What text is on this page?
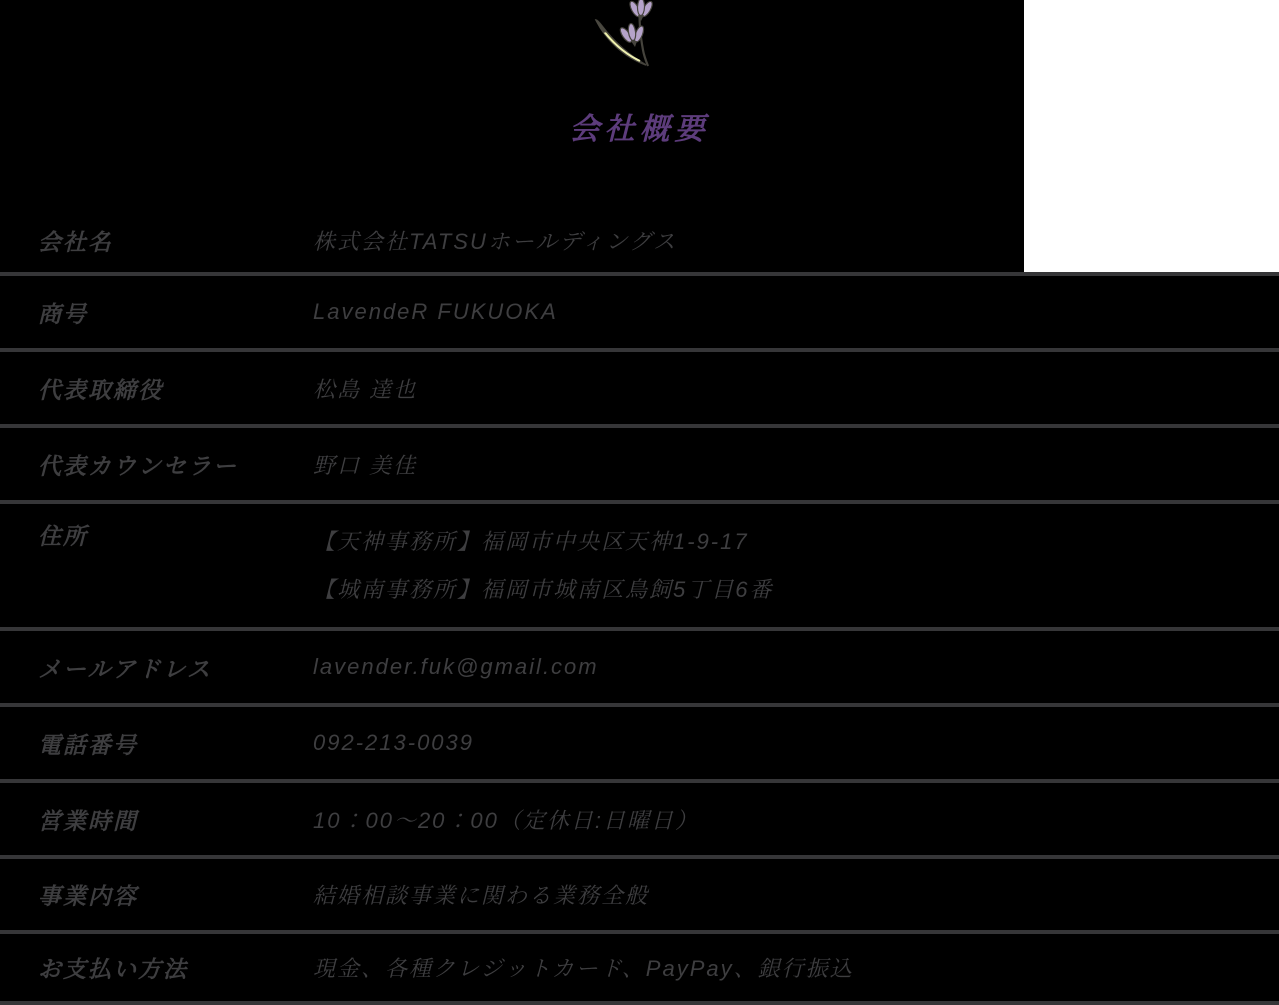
会社概要
会社名	株式会社TATSUホールディングス
商号	LavendeR FUKUOKA
代表取締役	松島 達也
代表カウンセラー	野口 美佳
住所	【天神事務所】福岡市中央区天神1-9-17
【城南事務所】福岡市城南区鳥飼5丁目6番
メールアドレス	lavender.fuk@gmail.com
電話番号	092-213-0039
営業時間	10：00〜20：00（定休日:日曜日）
事業内容	結婚相談事業に関わる業務全般
お支払い方法	現金、各種クレジットカード、PayPay、銀行振込
